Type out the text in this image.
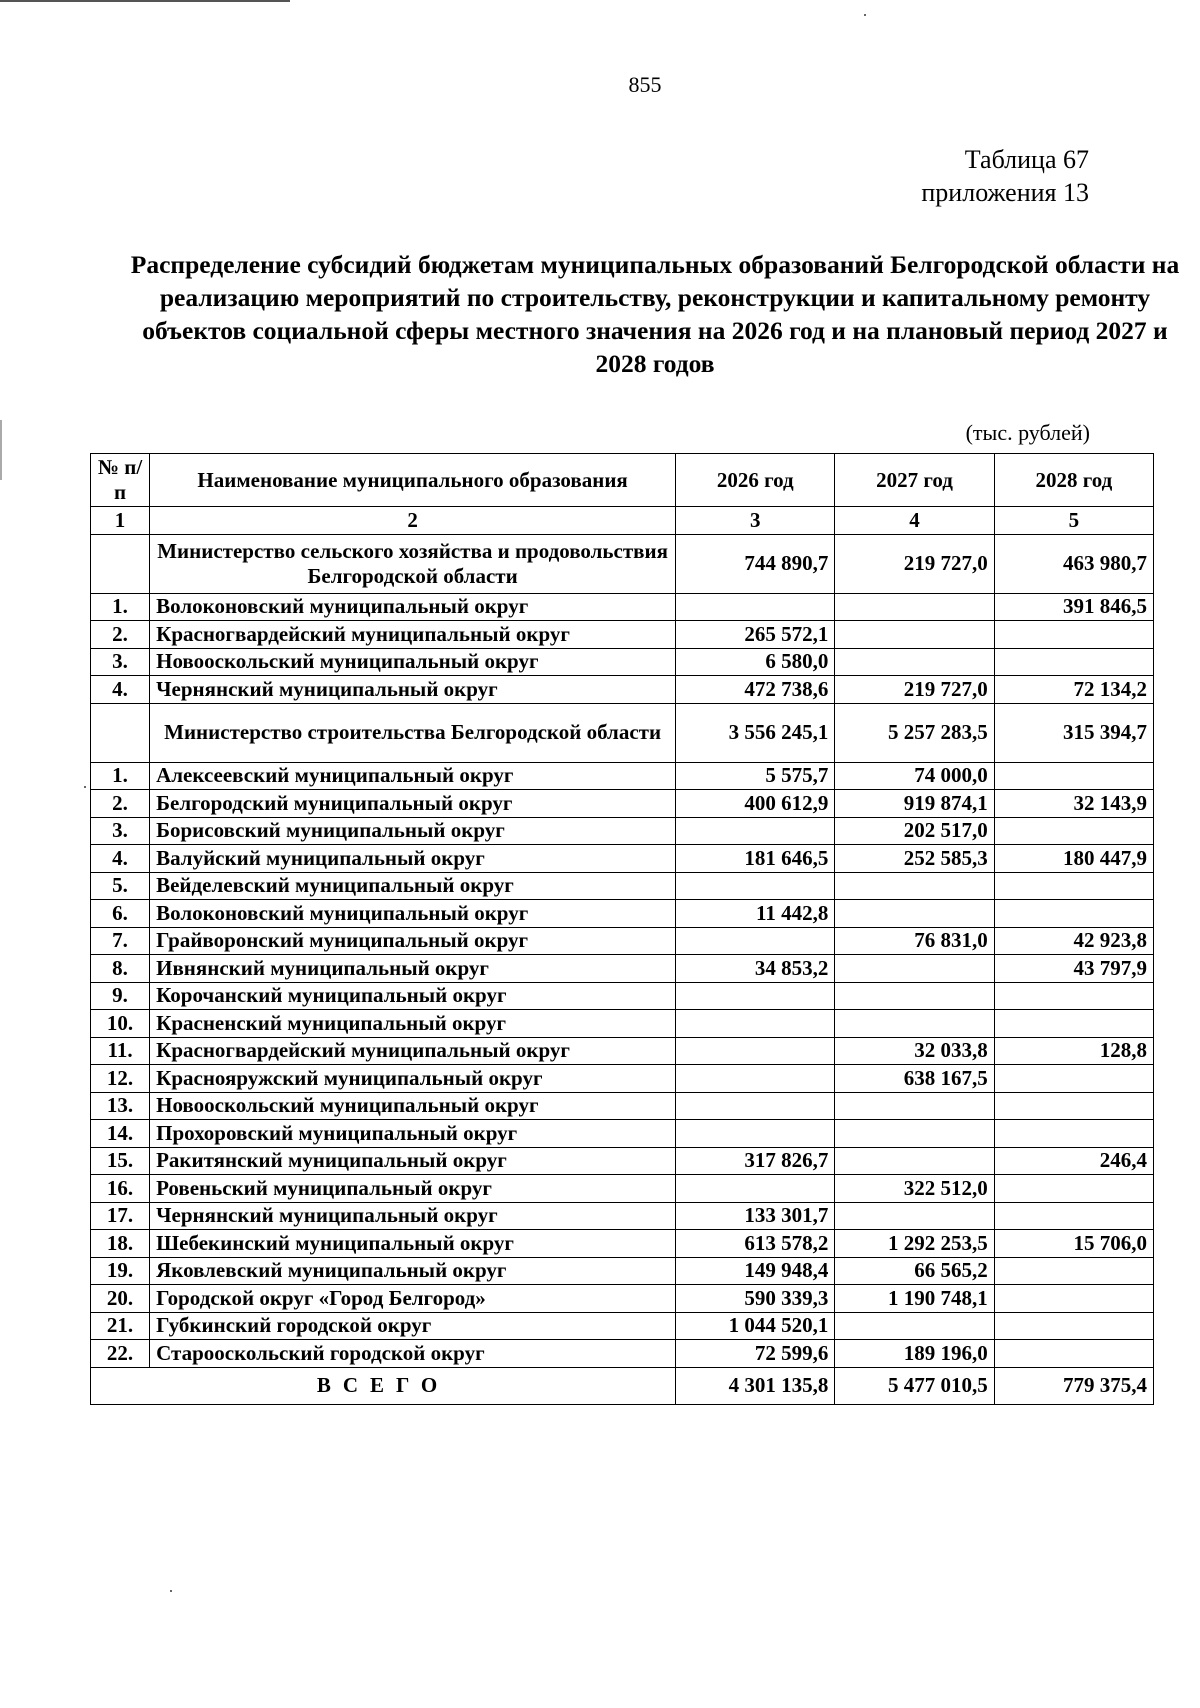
855
Таблица 67
приложения 13
Распределение субсидий бюджетам муниципальных образований Белгородской области на реализацию мероприятий по строительству, реконструкции и капитальному ремонту объектов социальной сферы местного значения на 2026 год и на плановый период 2027 и 2028 годов
(тыс. рублей)
№ п/п	Наименование муниципального образования	2026 год	2027 год	2028 год
1	2	3	4	5
	Министерство сельского хозяйства и продовольствия Белгородской области	744 890,7	219 727,0	463 980,7
1.	Волоконовский муниципальный округ			391 846,5
2.	Красногвардейский муниципальный округ	265 572,1		
3.	Новооскольский муниципальный округ	6 580,0		
4.	Чернянский муниципальный округ	472 738,6	219 727,0	72 134,2
	Министерство строительства Белгородской области	3 556 245,1	5 257 283,5	315 394,7
1.	Алексеевский муниципальный округ	5 575,7	74 000,0	
2.	Белгородский муниципальный округ	400 612,9	919 874,1	32 143,9
3.	Борисовский муниципальный округ		202 517,0	
4.	Валуйский муниципальный округ	181 646,5	252 585,3	180 447,9
5.	Вейделевский муниципальный округ			
6.	Волоконовский муниципальный округ	11 442,8		
7.	Грайворонский муниципальный округ		76 831,0	42 923,8
8.	Ивнянский муниципальный округ	34 853,2		43 797,9
9.	Корочанский муниципальный округ			
10.	Красненский муниципальный округ			
11.	Красногвардейский муниципальный округ		32 033,8	128,8
12.	Краснояружский муниципальный округ		638 167,5	
13.	Новооскольский муниципальный округ			
14.	Прохоровский муниципальный округ			
15.	Ракитянский муниципальный округ	317 826,7		246,4
16.	Ровеньский муниципальный округ		322 512,0	
17.	Чернянский муниципальный округ	133 301,7		
18.	Шебекинский муниципальный округ	613 578,2	1 292 253,5	15 706,0
19.	Яковлевский муниципальный округ	149 948,4	66 565,2	
20.	Городской округ «Город Белгород»	590 339,3	1 190 748,1	
21.	Губкинский городской округ	1 044 520,1		
22.	Старооскольский городской округ	72 599,6	189 196,0	
ВСЕГО		4 301 135,8	5 477 010,5	779 375,4
